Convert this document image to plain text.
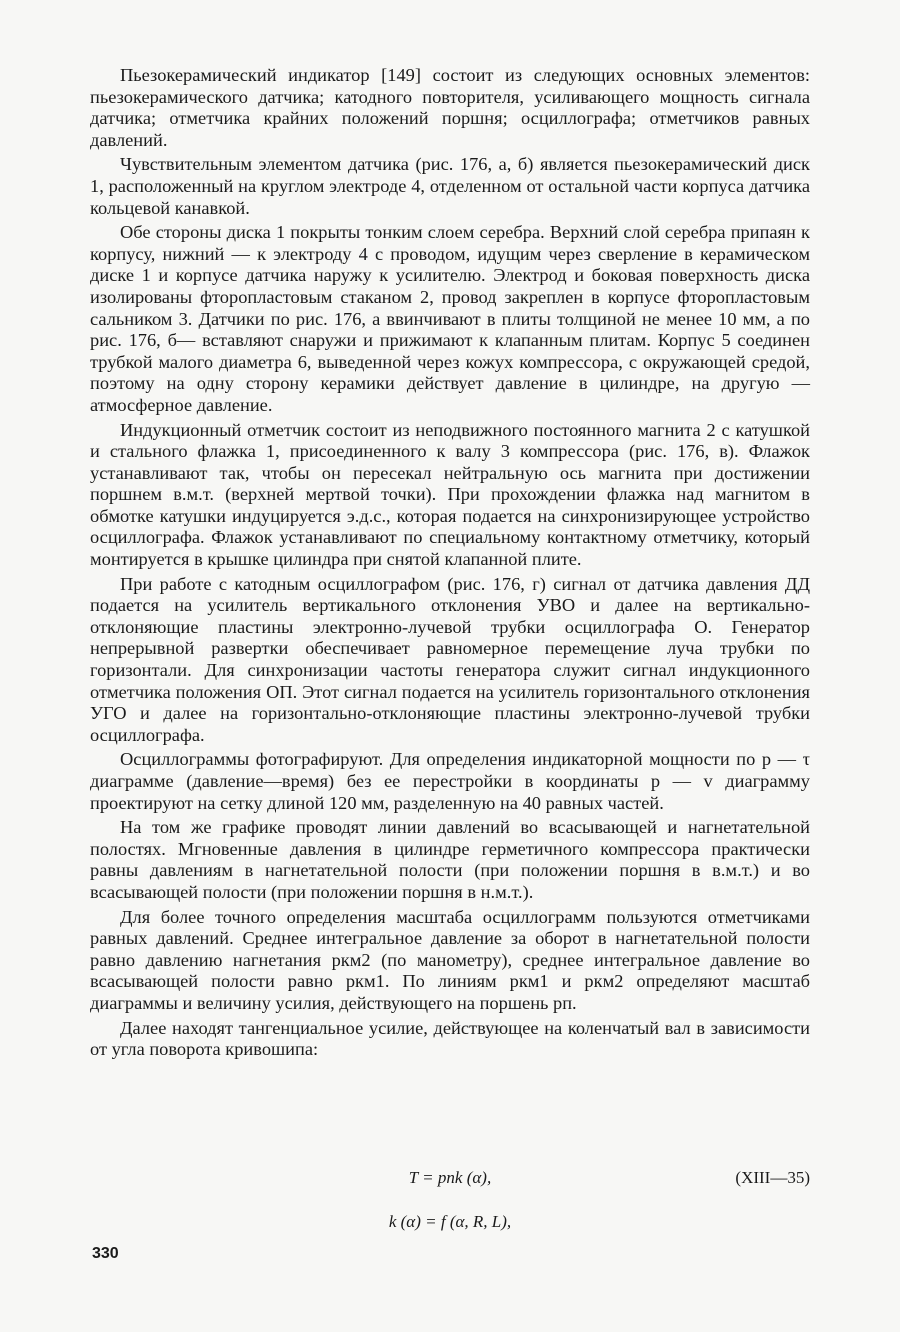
Пьезокерамический индикатор [149] состоит из следующих основных элементов: пьезокерамического датчика; катодного повторителя, усиливающего мощность сигнала датчика; отметчика крайних положений поршня; осциллографа; отметчиков равных давлений.

Чувствительным элементом датчика (рис. 176, а, б) является пьезокерамический диск 1, расположенный на круглом электроде 4, отделенном от остальной части корпуса датчика кольцевой канавкой.

Обе стороны диска 1 покрыты тонким слоем серебра. Верхний слой серебра припаян к корпусу, нижний — к электроду 4 с проводом, идущим через сверление в керамическом диске 1 и корпусе датчика наружу к усилителю. Электрод и боковая поверхность диска изолированы фторопластовым стаканом 2, провод закреплен в корпусе фторопластовым сальником 3. Датчики по рис. 176, а ввинчивают в плиты толщиной не менее 10 мм, а по рис. 176, б— вставляют снаружи и прижимают к клапанным плитам. Корпус 5 соединен трубкой малого диаметра 6, выведенной через кожух компрессора, с окружающей средой, поэтому на одну сторону керамики действует давление в цилиндре, на другую — атмосферное давление.

Индукционный отметчик состоит из неподвижного постоянного магнита 2 с катушкой и стального флажка 1, присоединенного к валу 3 компрессора (рис. 176, в). Флажок устанавливают так, чтобы он пересекал нейтральную ось магнита при достижении поршнем в.м.т. (верхней мертвой точки). При прохождении флажка над магнитом в обмотке катушки индуцируется э.д.с., которая подается на синхронизирующее устройство осциллографа. Флажок устанавливают по специальному контактному отметчику, который монтируется в крышке цилиндра при снятой клапанной плите.

При работе с катодным осциллографом (рис. 176, г) сигнал от датчика давления ДД подается на усилитель вертикального отклонения УВО и далее на вертикально-отклоняющие пластины электронно-лучевой трубки осциллографа О. Генератор непрерывной развертки обеспечивает равномерное перемещение луча трубки по горизонтали. Для синхронизации частоты генератора служит сигнал индукционного отметчика положения ОП. Этот сигнал подается на усилитель горизонтального отклонения УГО и далее на горизонтально-отклоняющие пластины электронно-лучевой трубки осциллографа.

Осциллограммы фотографируют. Для определения индикаторной мощности по p — τ диаграмме (давление—время) без ее перестройки в координаты p — v диаграмму проектируют на сетку длиной 120 мм, разделенную на 40 равных частей.

На том же графике проводят линии давлений во всасывающей и нагнетательной полостях. Мгновенные давления в цилиндре герметичного компрессора практически равны давлениям в нагнетательной полости (при положении поршня в в.м.т.) и во всасывающей полости (при положении поршня в н.м.т.).

Для более точного определения масштаба осциллограмм пользуются отметчиками равных давлений. Среднее интегральное давление за оборот в нагнетательной полости равно давлению нагнетания pкм2 (по манометру), среднее интегральное давление во всасывающей полости равно pкм1. По линиям pкм1 и pкм2 определяют масштаб диаграммы и величину усилия, действующего на поршень pп.

Далее находят тангенциальное усилие, действующее на коленчатый вал в зависимости от угла поворота кривошипа:

T = pпk (α),	(XIII—35)
k (α) = f (α, R, L),
330
